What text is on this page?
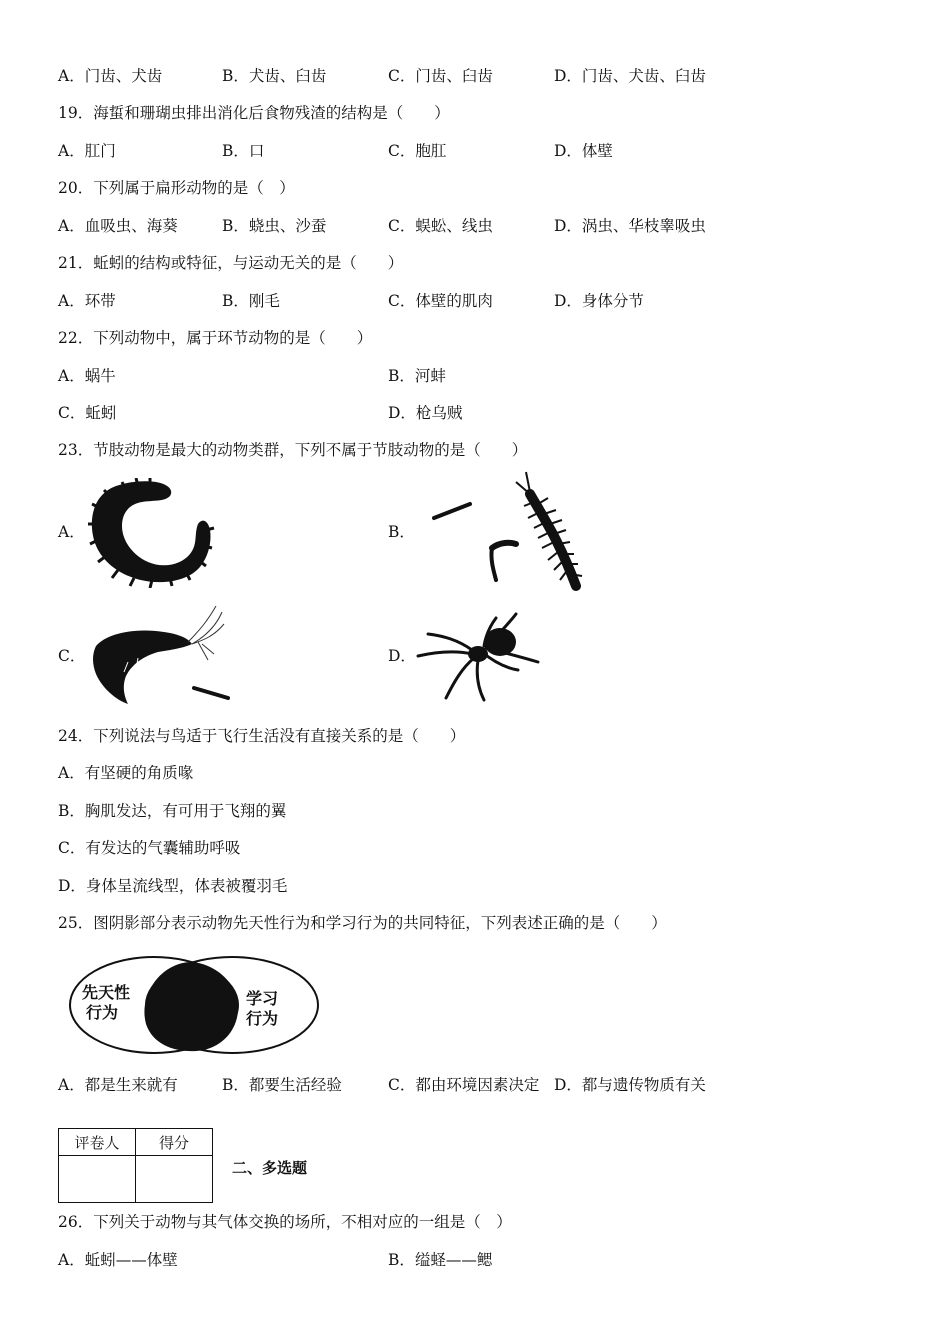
A．门齿、犬齿	B．犬齿、臼齿	C．门齿、臼齿	D．门齿、犬齿、臼齿
19．海蜇和珊瑚虫排出消化后食物残渣的结构是（　　）
A．肛门	B．口	C．胞肛	D．体壁
20．下列属于扁形动物的是（　）
A．血吸虫、海葵	B．蛲虫、沙蚕	C．蜈蚣、线虫	D．涡虫、华枝睾吸虫
21．蚯蚓的结构或特征，与运动无关的是（　　）
A．环带	B．刚毛	C．体壁的肌肉	D．身体分节
22．下列动物中，属于环节动物的是（　　）
A．蜗牛	B．河蚌
C．蚯蚓	D．枪乌贼
23．节肢动物是最大的动物类群，下列不属于节肢动物的是（　　）
A．	B．
C．	D．
沙蚕
24．下列说法与鸟适于飞行生活没有直接关系的是（　　）
A．有坚硬的角质喙
B．胸肌发达，有可用于飞翔的翼
C．有发达的气囊辅助呼吸
D．身体呈流线型，体表被覆羽毛
25．图阴影部分表示动物先天性行为和学习行为的共同特征，下列表述正确的是（　　）
先天性
行为
学习
行为
A．都是生来就有	B．都要生活经验	C．都由环境因素决定 D．都与遗传物质有关
评卷人	得分

二、多选题
26．下列关于动物与其气体交换的场所，不相对应的一组是（　）
A．蚯蚓——体壁	B．缢蛏——鳃
